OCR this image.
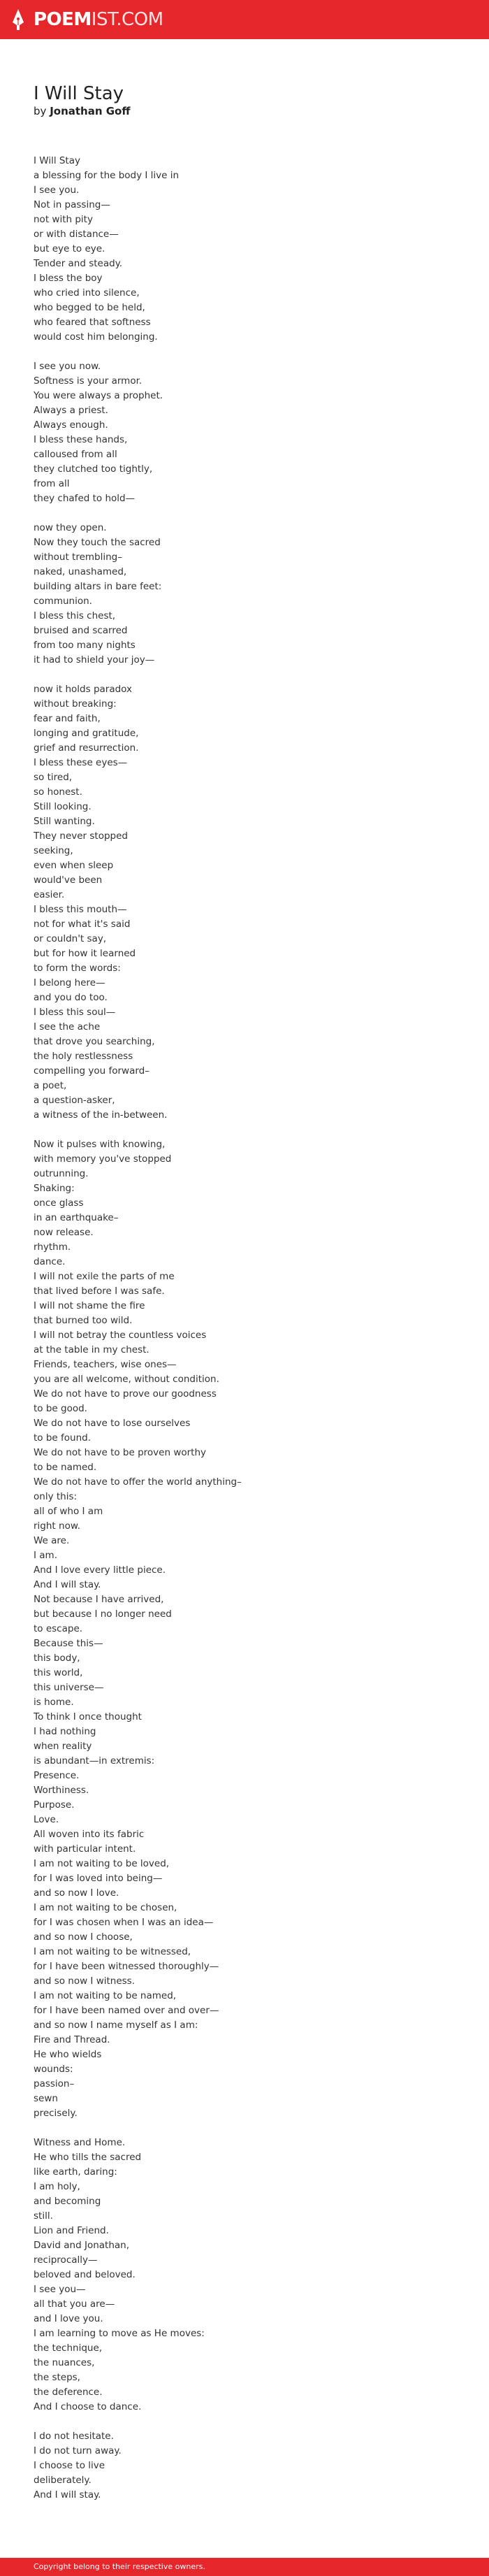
POEMIST.COM
I Will Stay
by Jonathan Goff
I Will Stay
a blessing for the body I live in
I see you.
Not in passing—
not with pity
or with distance—
but eye to eye.
Tender and steady.
I bless the boy
who cried into silence,
who begged to be held,
who feared that softness
would cost him belonging.
I see you now.
Softness is your armor.
You were always a prophet.
Always a priest.
Always enough.
I bless these hands,
calloused from all
they clutched too tightly,
from all
they chafed to hold—
now they open.
Now they touch the sacred
without trembling–
naked, unashamed,
building altars in bare feet:
communion.
I bless this chest,
bruised and scarred
from too many nights
it had to shield your joy—
now it holds paradox
without breaking:
fear and faith,
longing and gratitude,
grief and resurrection.
I bless these eyes—
so tired,
so honest.
Still looking.
Still wanting.
They never stopped
seeking,
even when sleep
would've been
easier.
I bless this mouth—
not for what it's said
or couldn't say,
but for how it learned
to form the words:
I belong here—
and you do too.
I bless this soul—
I see the ache
that drove you searching,
the holy restlessness
compelling you forward–
a poet,
a question-asker,
a witness of the in-between.
Now it pulses with knowing,
with memory you've stopped
outrunning.
Shaking:
once glass
in an earthquake–
now release.
rhythm.
dance.
I will not exile the parts of me
that lived before I was safe.
I will not shame the fire
that burned too wild.
I will not betray the countless voices
at the table in my chest.
Friends, teachers, wise ones—
you are all welcome, without condition.
We do not have to prove our goodness
to be good.
We do not have to lose ourselves
to be found.
We do not have to be proven worthy
to be named.
We do not have to offer the world anything–
only this:
all of who I am
right now.
We are.
I am.
And I love every little piece.
And I will stay.
Not because I have arrived,
but because I no longer need
to escape.
Because this—
this body,
this world,
this universe—
is home.
To think I once thought
I had nothing
when reality
is abundant—in extremis:
Presence.
Worthiness.
Purpose.
Love.
All woven into its fabric
with particular intent.
I am not waiting to be loved,
for I was loved into being—
and so now I love.
I am not waiting to be chosen,
for I was chosen when I was an idea—
and so now I choose,
I am not waiting to be witnessed,
for I have been witnessed thoroughly—
and so now I witness.
I am not waiting to be named,
for I have been named over and over—
and so now I name myself as I am:
Fire and Thread.
He who wields
wounds:
passion–
sewn
precisely.
Witness and Home.
He who tills the sacred
like earth, daring:
I am holy,
and becoming
still.
Lion and Friend.
David and Jonathan,
reciprocally—
beloved and beloved.
I see you—
all that you are—
and I love you.
I am learning to move as He moves:
the technique,
the nuances,
the steps,
the deference.
And I choose to dance.
I do not hesitate.
I do not turn away.
I choose to live
deliberately.
And I will stay.
Copyright belong to their respective owners.
